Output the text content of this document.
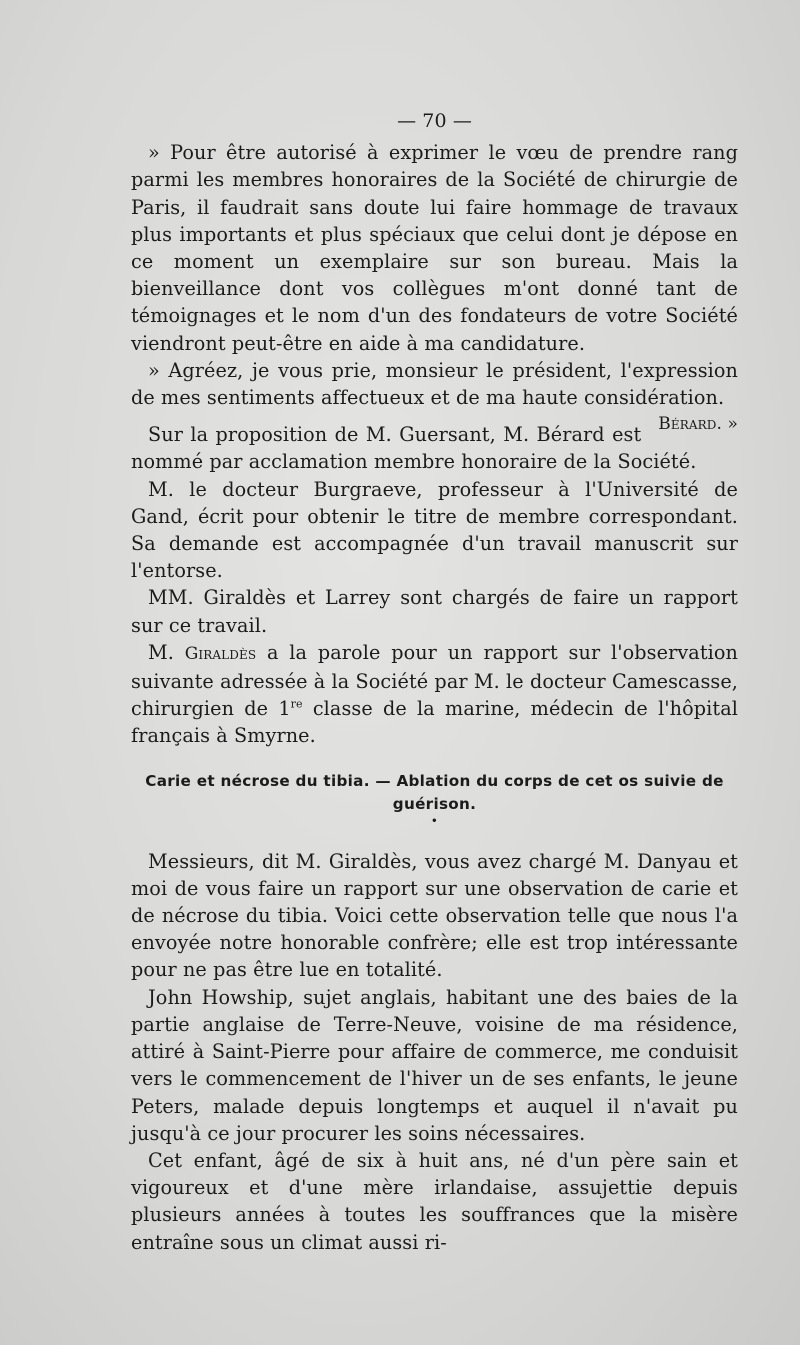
— 70 —

» Pour être autorisé à exprimer le vœu de prendre rang parmi les membres honoraires de la Société de chirurgie de Paris, il faudrait sans doute lui faire hommage de travaux plus importants et plus spéciaux que celui dont je dépose en ce moment un exemplaire sur son bureau. Mais la bienveillance dont vos collègues m'ont donné tant de témoignages et le nom d'un des fondateurs de votre Société viendront peut-être en aide à ma candidature.

» Agréez, je vous prie, monsieur le président, l'expression de mes sentiments affectueux et de ma haute considération.
Bérard. »

Sur la proposition de M. Guersant, M. Bérard est nommé par acclamation membre honoraire de la Société.

M. le docteur Burgraeve, professeur à l'Université de Gand, écrit pour obtenir le titre de membre correspondant. Sa demande est accompagnée d'un travail manuscrit sur l'entorse.

MM. Giraldès et Larrey sont chargés de faire un rapport sur ce travail.

M. Giraldès a la parole pour un rapport sur l'observation suivante adressée à la Société par M. le docteur Camescasse, chirurgien de 1re classe de la marine, médecin de l'hôpital français à Smyrne.

Carie et nécrose du tibia. — Ablation du corps de cet os suivie de guérison.
•

Messieurs, dit M. Giraldès, vous avez chargé M. Danyau et moi de vous faire un rapport sur une observation de carie et de nécrose du tibia. Voici cette observation telle que nous l'a envoyée notre honorable confrère; elle est trop intéressante pour ne pas être lue en totalité.

John Howship, sujet anglais, habitant une des baies de la partie anglaise de Terre-Neuve, voisine de ma résidence, attiré à Saint-Pierre pour affaire de commerce, me conduisit vers le commencement de l'hiver un de ses enfants, le jeune Peters, malade depuis longtemps et auquel il n'avait pu jusqu'à ce jour procurer les soins nécessaires.

Cet enfant, âgé de six à huit ans, né d'un père sain et vigoureux et d'une mère irlandaise, assujettie depuis plusieurs années à toutes les souffrances que la misère entraîne sous un climat aussi ri-
